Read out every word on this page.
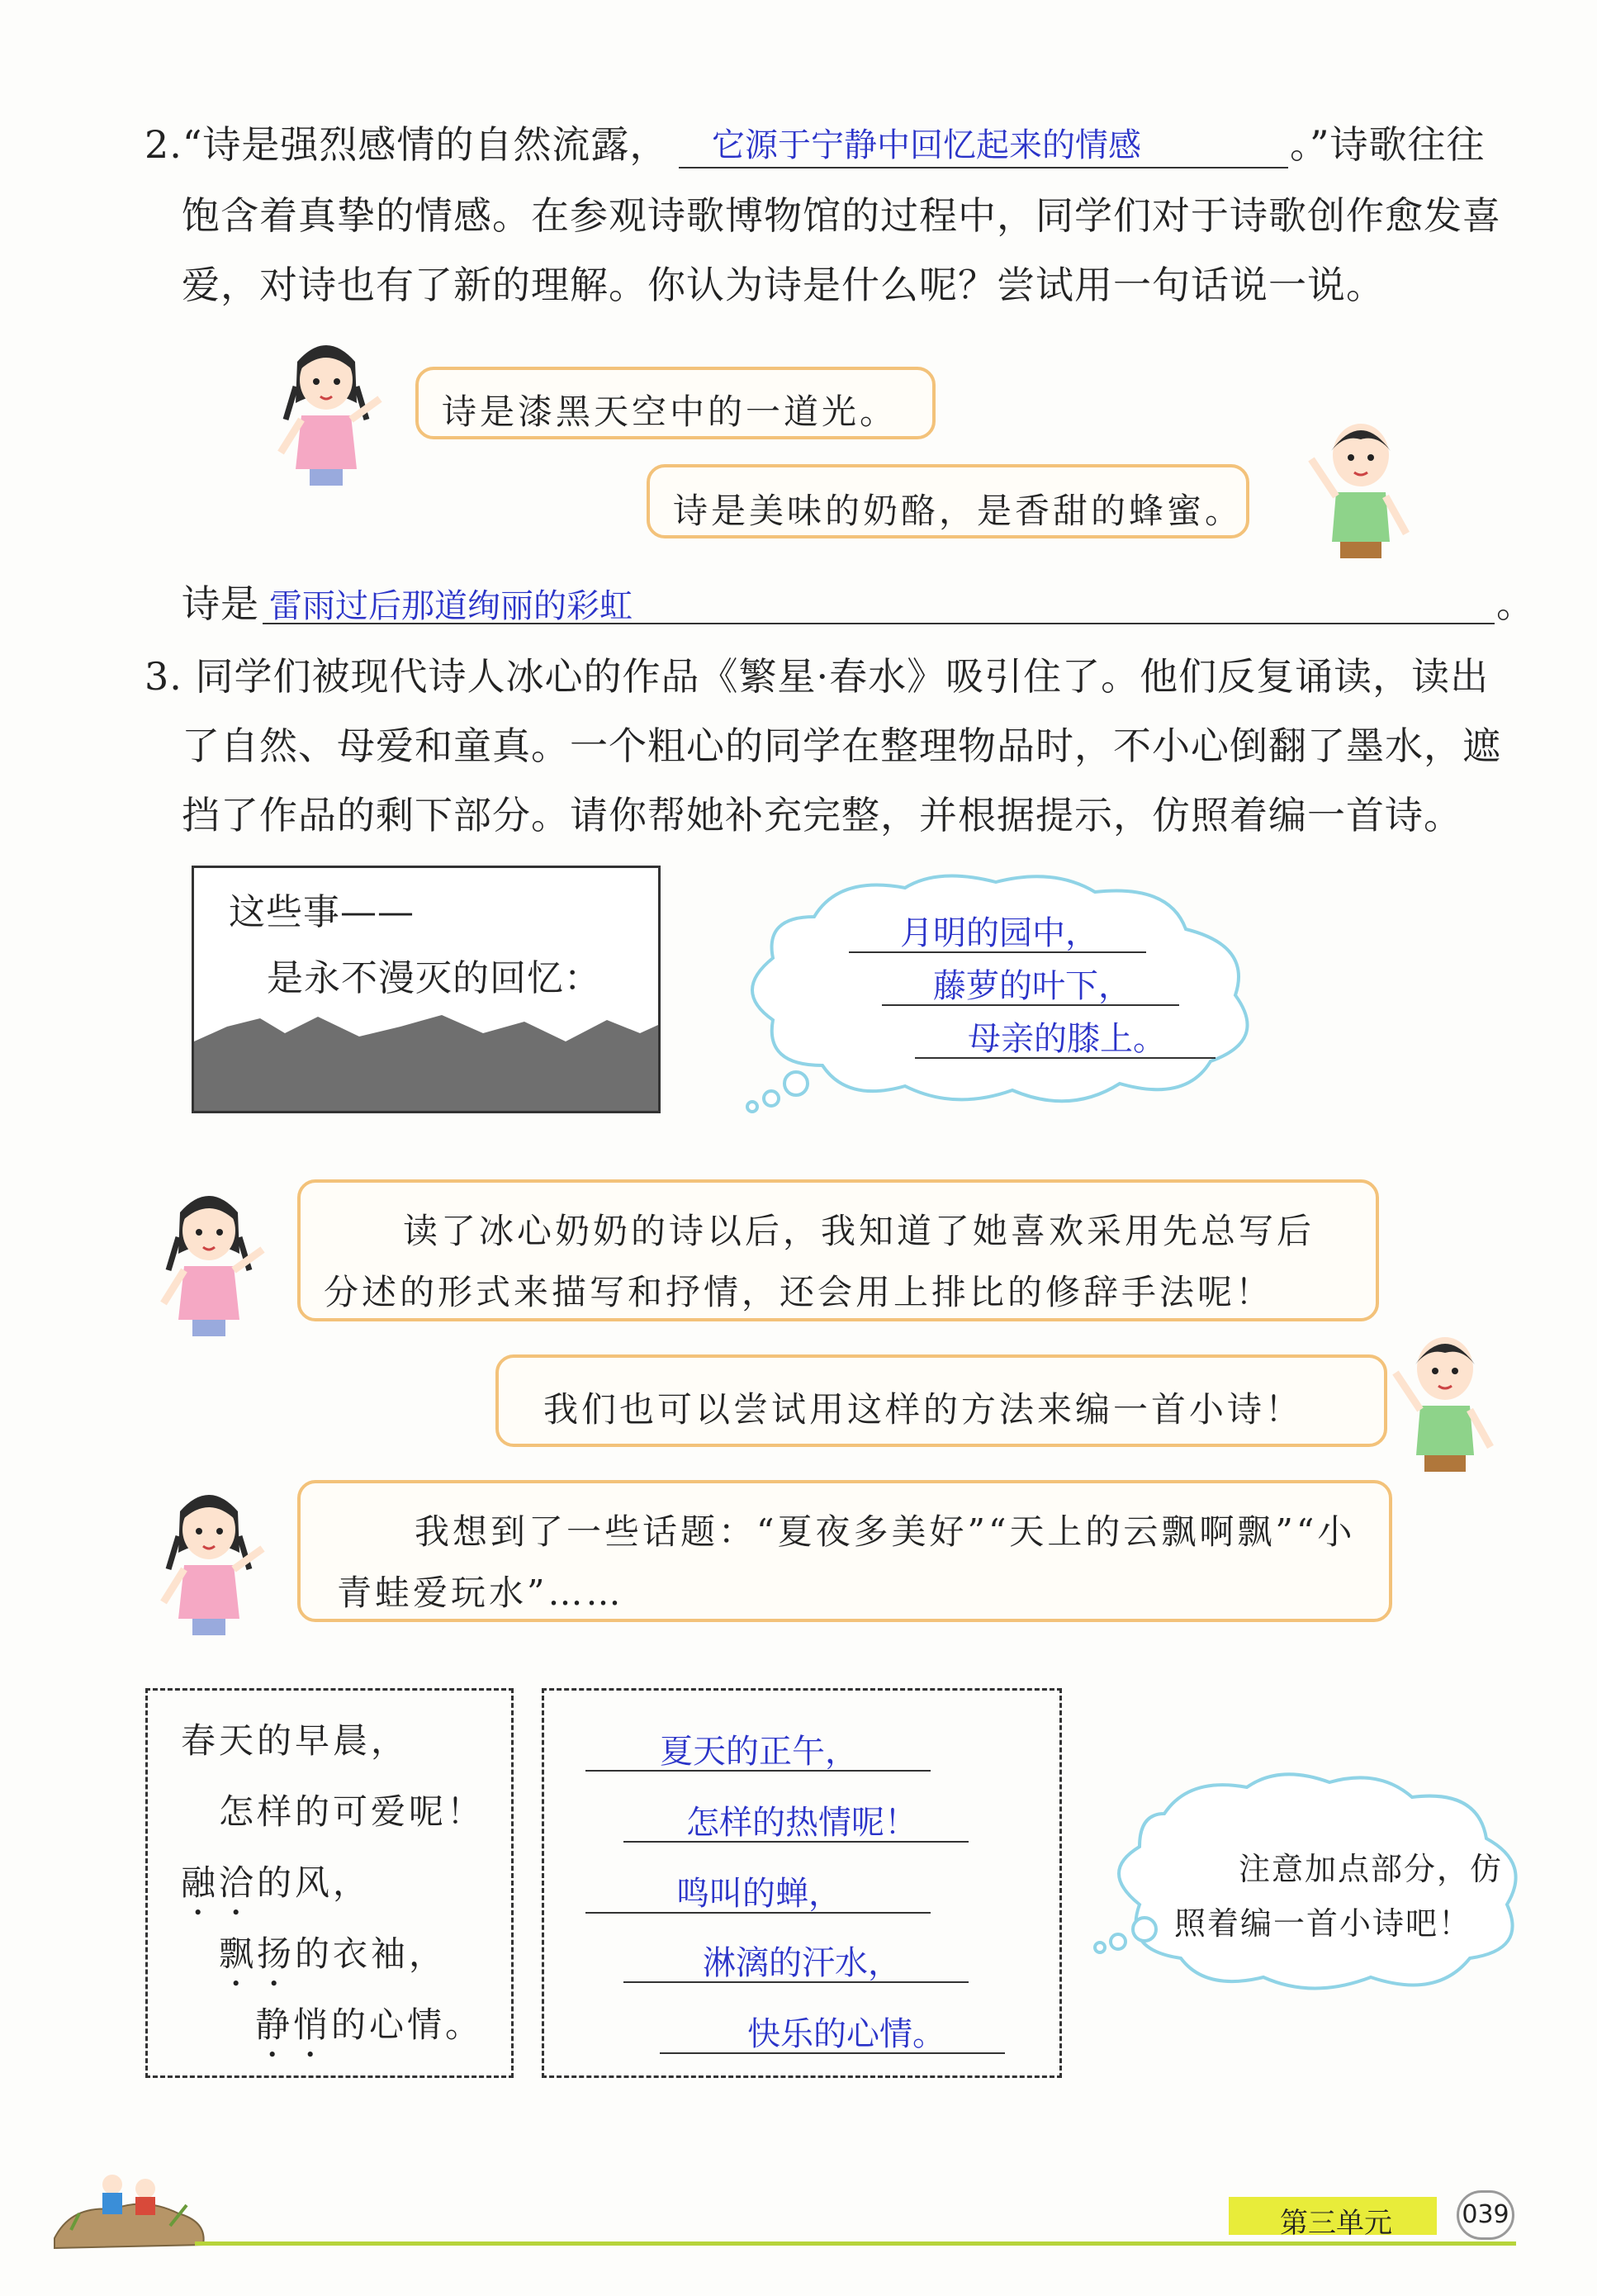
2.“诗是强烈感情的自然流露， 它源于宁静中回忆起来的情感	。”诗歌往往
饱含着真挚的情感。在参观诗歌博物馆的过程中，同学们对于诗歌创作愈发喜
爱，对诗也有了新的理解。你认为诗是什么呢？尝试用一句话说一说。
诗是漆黑天空中的一道光。
诗是美味的奶酪，是香甜的蜂蜜。
诗是 雷雨过后那道绚丽的彩虹	。
3. 同学们被现代诗人冰心的作品《繁星·春水》吸引住了。他们反复诵读，读出
了自然、母爱和童真。一个粗心的同学在整理物品时，不小心倒翻了墨水，遮
挡了作品的剩下部分。请你帮她补充完整，并根据提示，仿照着编一首诗。
这些事——
是永不漫灭的回忆：
月明的园中，
藤萝的叶下，
母亲的膝上。
读了冰心奶奶的诗以后，我知道了她喜欢采用先总写后
分述的形式来描写和抒情，还会用上排比的修辞手法呢！
我们也可以尝试用这样的方法来编一首小诗！
我想到了一些话题：“夏夜多美好”“天上的云飘啊飘”“小
青蛙爱玩水”……
春天的早晨，
怎样的可爱呢！
融洽的风，
飘扬的衣袖，
静悄的心情。
夏天的正午，
怎样的热情呢！
鸣叫的蝉，
淋漓的汗水，
快乐的心情。
注意加点部分，仿
照着编一首小诗吧！
第三单元	039
